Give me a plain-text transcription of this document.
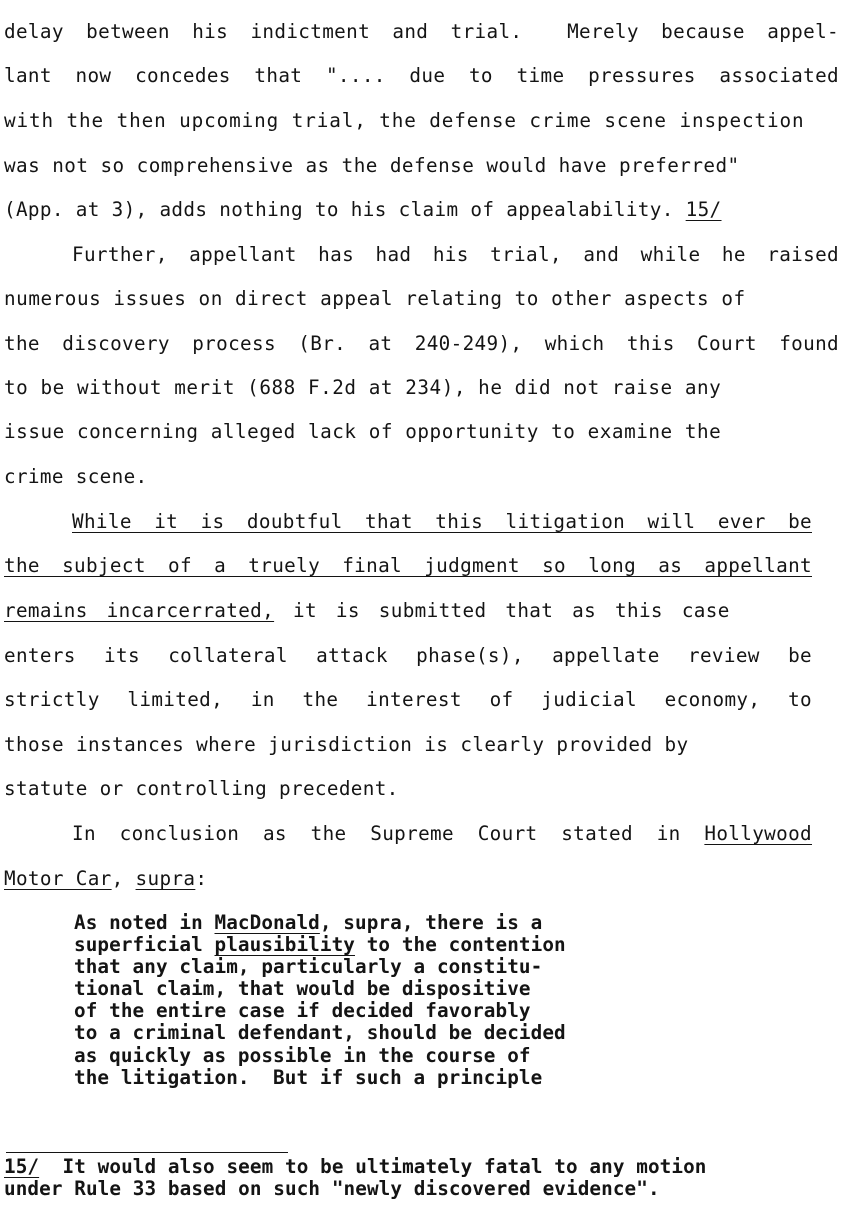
delay between his indictment and trial.  Merely because appel-
lant now concedes that ".... due to time pressures associated
with the then upcoming trial, the defense crime scene inspection
was not so comprehensive as the defense would have preferred"
(App. at 3), adds nothing to his claim of appealability. 15/
Further, appellant has had his trial, and while he raised
numerous issues on direct appeal relating to other aspects of
the discovery process (Br. at 240-249), which this Court found
to be without merit (688 F.2d at 234), he did not raise any
issue concerning alleged lack of opportunity to examine the
crime scene.
While it is doubtful that this litigation will ever be
the subject of a truely final judgment so long as appellant
remains incarcerrated, it is submitted that as this case
enters its collateral attack phase(s), appellate review be
strictly limited, in the interest of judicial economy, to
those instances where jurisdiction is clearly provided by
statute or controlling precedent.
In conclusion as the Supreme Court stated in Hollywood
Motor Car, supra:
As noted in MacDonald, supra, there is a
superficial plausibility to the contention
that any claim, particularly a constitu-
tional claim, that would be dispositive
of the entire case if decided favorably
to a criminal defendant, should be decided
as quickly as possible in the course of
the litigation.  But if such a principle
15/  It would also seem to be ultimately fatal to any motion
under Rule 33 based on such "newly discovered evidence".
